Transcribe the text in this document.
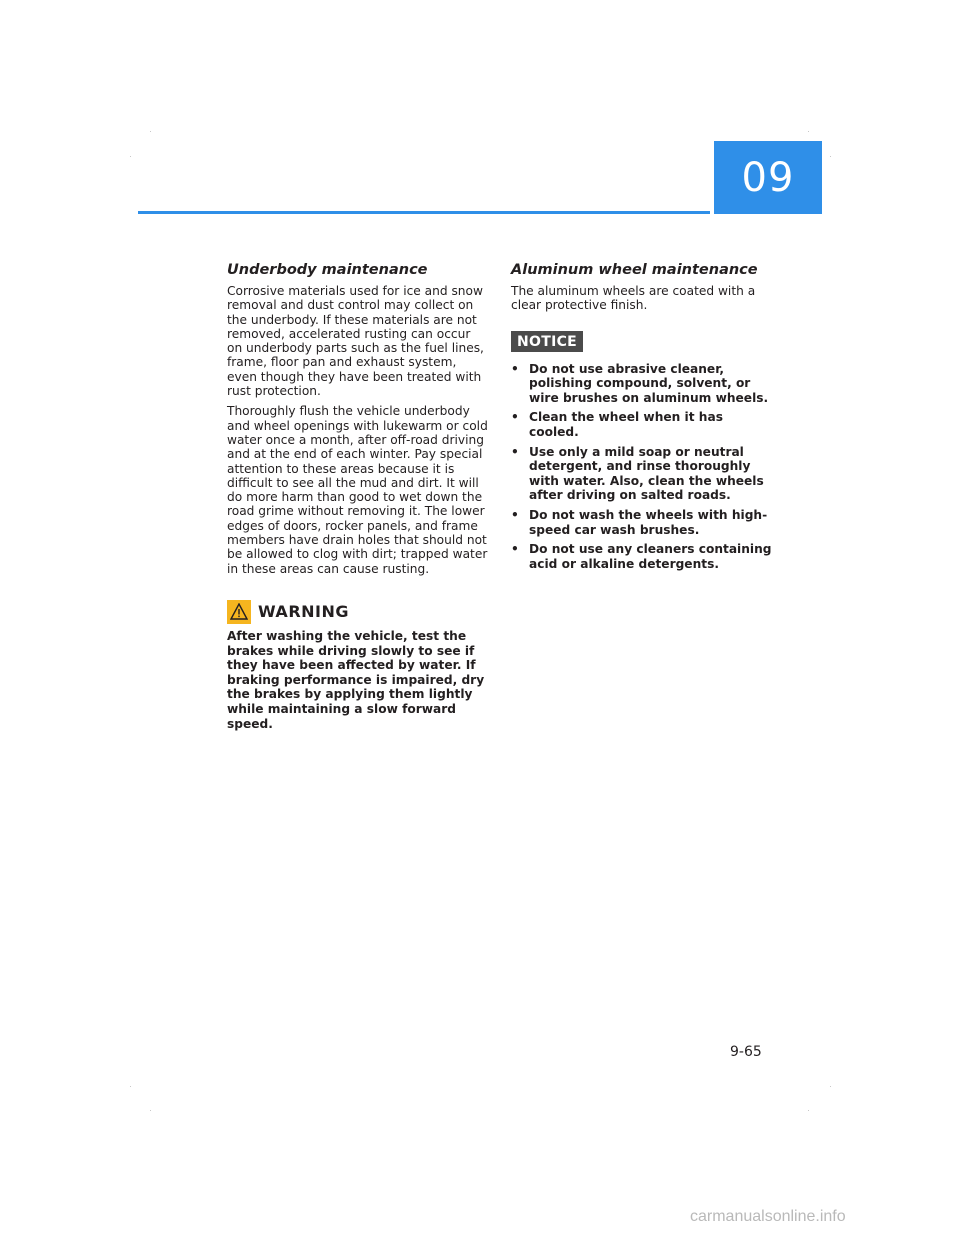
09
Underbody maintenance

Corrosive materials used for ice and snow removal and dust control may collect on the underbody. If these materials are not removed, accelerated rusting can occur on underbody parts such as the fuel lines, frame, floor pan and exhaust system, even though they have been treated with rust protection.

Thoroughly flush the vehicle underbody and wheel openings with lukewarm or cold water once a month, after off-road driving and at the end of each winter. Pay special attention to these areas because it is difficult to see all the mud and dirt. It will do more harm than good to wet down the road grime without removing it. The lower edges of doors, rocker panels, and frame members have drain holes that should not be allowed to clog with dirt; trapped water in these areas can cause rusting.

WARNING

After washing the vehicle, test the brakes while driving slowly to see if they have been affected by water. If braking performance is impaired, dry the brakes by applying them lightly while maintaining a slow forward speed.

Aluminum wheel maintenance

The aluminum wheels are coated with a clear protective finish.

NOTICE
• Do not use abrasive cleaner, polishing compound, solvent, or wire brushes on aluminum wheels.
• Clean the wheel when it has cooled.
• Use only a mild soap or neutral detergent, and rinse thoroughly with water. Also, clean the wheels after driving on salted roads.
• Do not wash the wheels with high-speed car wash brushes.
• Do not use any cleaners containing acid or alkaline detergents.
9-65
carmanualsonline.info
